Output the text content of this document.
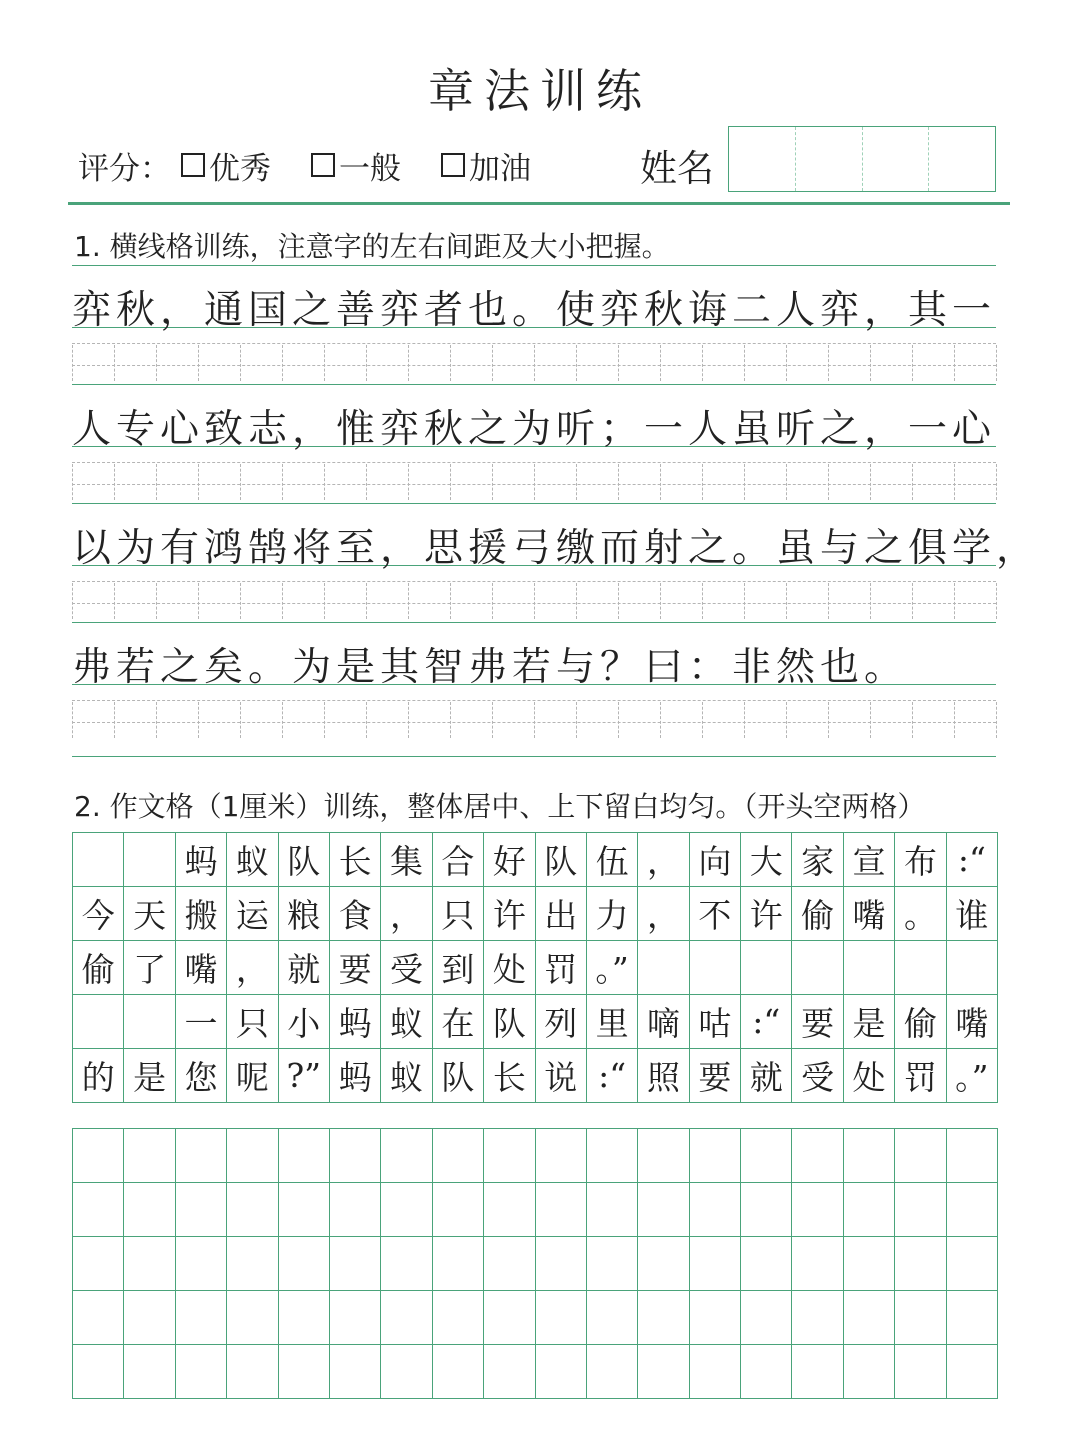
章法训练
评分： 优秀 一般 加油	姓名
1. 横线格训练，注意字的左右间距及大小把握。
弈秋，通国之善弈者也。使弈秋诲二人弈，其一
人专心致志，惟弈秋之为听；一人虽听之，一心
以为有鸿鹄将至，思援弓缴而射之。虽与之俱学，
弗若之矣。为是其智弗若与？曰：非然也。
2. 作文格（1厘米）训练，整体居中、上下留白均匀。（开头空两格）
蚂 蚁 队 长 集 合 好 队 伍 ， 向 大 家 宣 布 :“
今 天 搬 运 粮 食 ， 只 许 出 力 ， 不 许 偷 嘴 。 谁
偷 了 嘴 ， 就 要 受 到 处 罚 。”
一 只 小 蚂 蚁 在 队 列 里 嘀 咕 :“ 要 是 偷 嘴
的 是 您 呢 ?” 蚂 蚁 队 长 说 :“ 照 要 就 受 处 罚 。”
